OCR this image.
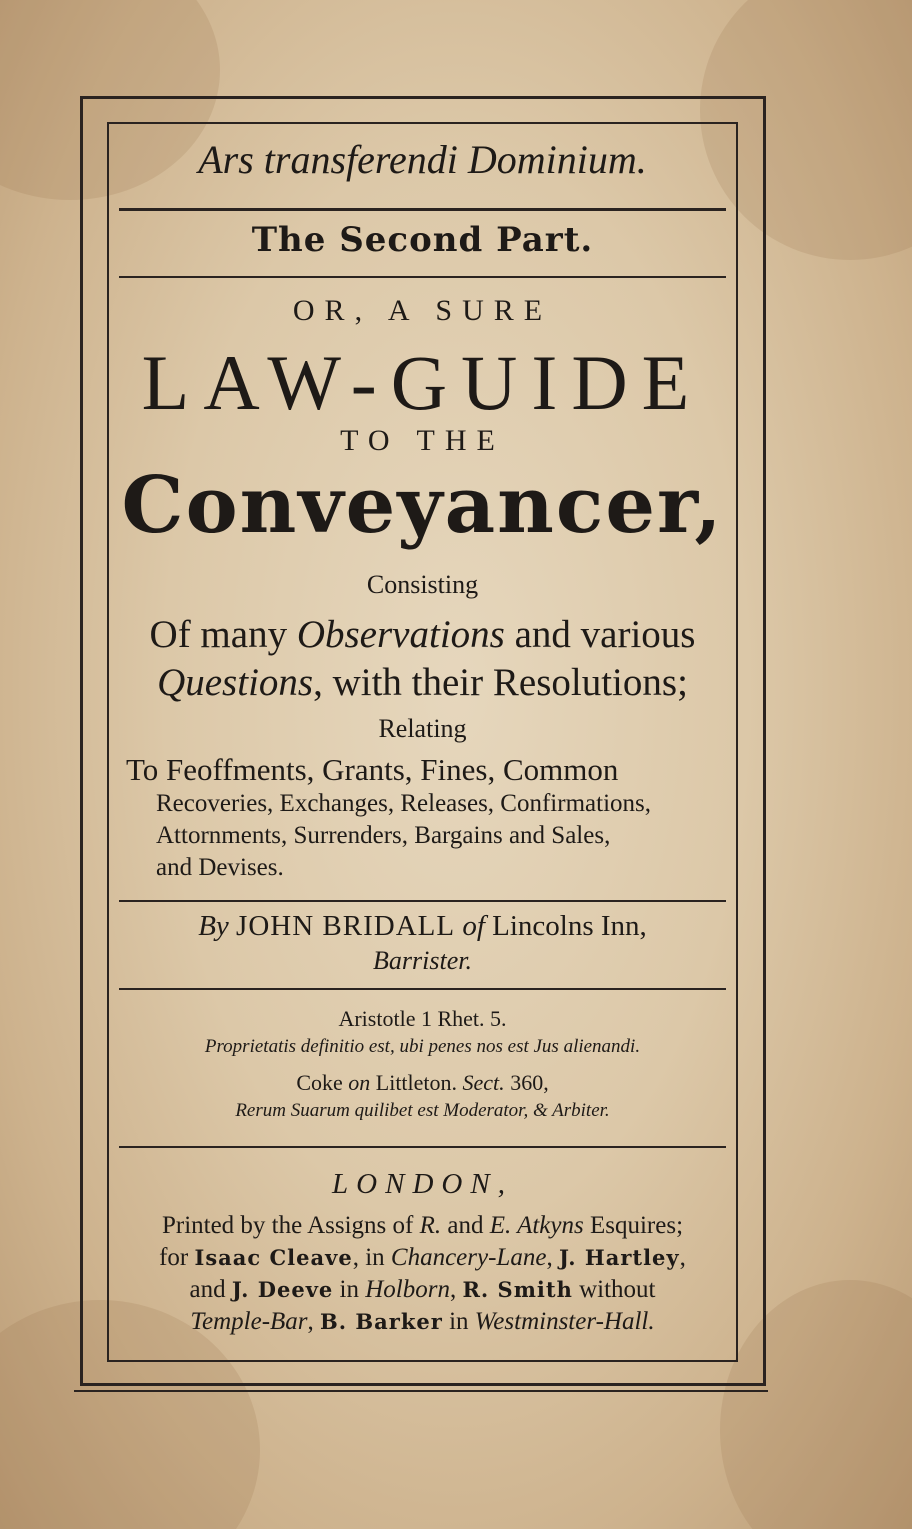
Ars transferendi Dominium.
The Second Part.
OR, A SURE
LAW-GUIDE
TO THE
Conveyancer,
Consisting
Of many Observations and various
Questions, with their Resolutions;
Relating
To Feoffments, Grants, Fines, Common
Recoveries, Exchanges, Releases, Confirmations,
Attornments, Surrenders, Bargains and Sales,
and Devises.
By JOHN BRIDALL of Lincolns Inn,
Barrister.
Aristotle 1 Rhet. 5.
Proprietatis definitio est, ubi penes nos est Jus alienandi.
Coke on Littleton. Sect. 360,
Rerum Suarum quilibet est Moderator, & Arbiter.
LONDON,
Printed by the Assigns of R. and E. Atkyns Esquires;
for Isaac Cleave, in Chancery-Lane, J. Hartley,
and J. Deeve in Holborn, R. Smith without
Temple-Bar, B. Barker in Westminster-Hall.
